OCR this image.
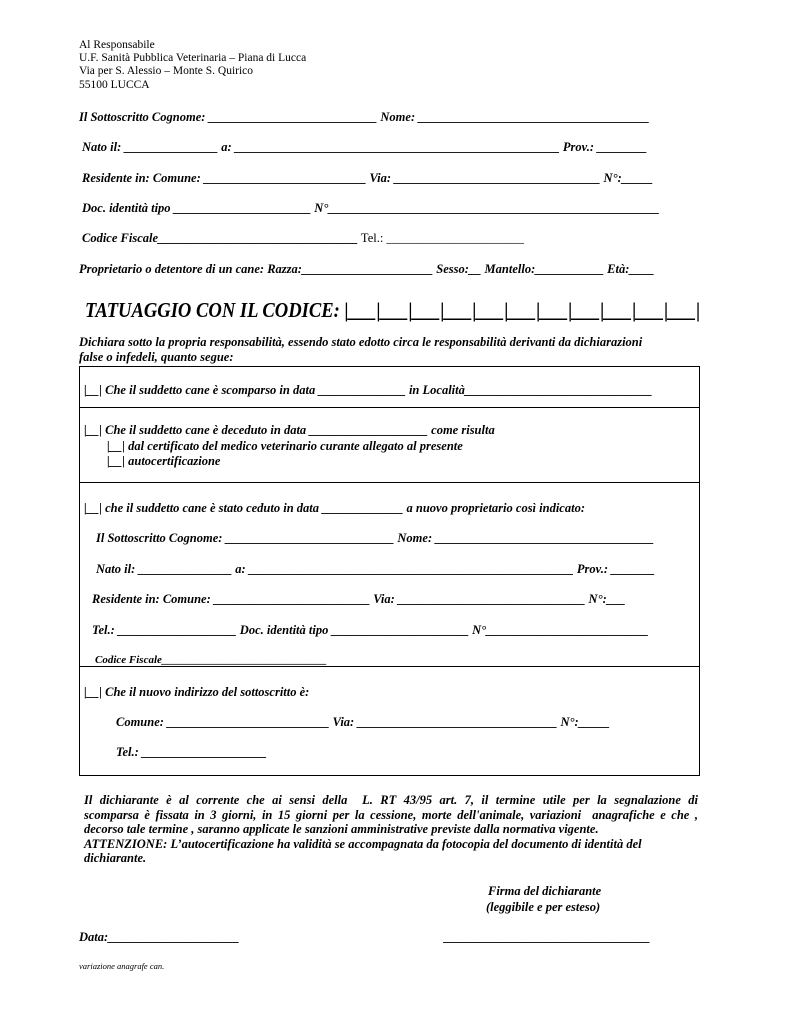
Al Responsabile
U.F. Sanità Pubblica Veterinaria – Piana di Lucca
Via per S. Alessio – Monte S. Quirico
55100 LUCCA
Il Sottoscritto Cognome: ___________________________ Nome: _____________________________________
Nato il: _______________ a: ____________________________________________________ Prov.: ________
Residente in: Comune: __________________________ Via: _________________________________ N°:_____
Doc. identità tipo ______________________ N°_____________________________________________________
Codice Fiscale________________________________ Tel.: ______________________
Proprietario o detentore di un cane: Razza:_____________________ Sesso:__ Mantello:___________ Età:____
TATUAGGIO CON IL CODICE: |___|___|___|___|___|___|___|___|___|___|___|
Dichiara sotto la propria responsabilità, essendo stato edotto circa le responsabilità derivanti da dichiarazioni
false o infedeli, quanto segue:
|__| Che il suddetto cane è scomparso in data ______________ in Località______________________________
|__| Che il suddetto cane è deceduto in data ___________________ come risulta
|__| dal certificato del medico veterinario curante allegato al presente
|__| autocertificazione
|__| che il suddetto cane è stato ceduto in data _____________ a nuovo proprietario così indicato:
Il Sottoscritto Cognome: ___________________________ Nome: ___________________________________
Nato il: _______________ a: ____________________________________________________ Prov.: _______
Residente in: Comune: _________________________ Via: ______________________________ N°:___
Tel.: ___________________ Doc. identità tipo ______________________ N°__________________________
Codice Fiscale______________________________
|__| Che il nuovo indirizzo del sottoscritto è:
Comune: __________________________ Via: ________________________________ N°:_____
Tel.: ____________________
Il dichiarante è al corrente che ai sensi della  L. RT 43/95 art. 7, il termine utile per la segnalazione di
scomparsa è fissata in 3 giorni, in 15 giorni per la cessione, morte dell'animale, variazioni  anagrafiche e che ,
decorso tale termine , saranno applicate le sanzioni amministrative previste dalla normativa vigente.
ATTENZIONE: L’autocertificazione ha validità se accompagnata da fotocopia del documento di identità del
dichiarante.
Firma del dichiarante
(leggibile e per esteso)
Data:_____________________	_________________________________
variazione anagrafe can.
